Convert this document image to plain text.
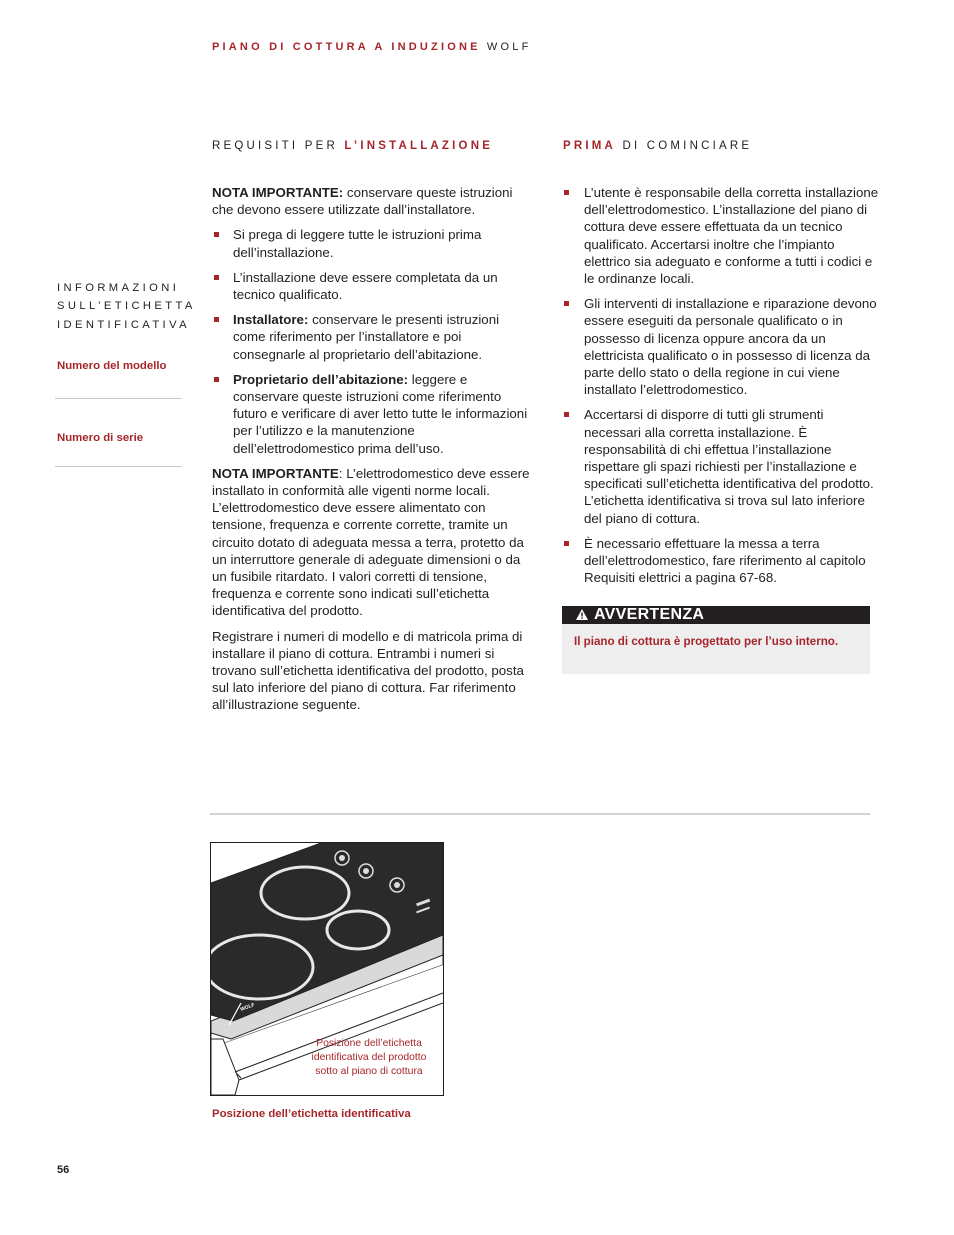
PIANO DI COTTURA A INDUZIONE WOLF
REQUISITI PER L’INSTALLAZIONE	PRIMA DI COMINCIARE

NOTA IMPORTANTE: conservare queste istruzioni che devono essere utilizzate dall’installatore.

Si prega di leggere tutte le istruzioni prima dell’installazione.
L’installazione deve essere completata da un tecnico qualificato.
Installatore: conservare le presenti istruzioni come riferimento per l’installatore e poi consegnarle al proprietario dell’abitazione.
Proprietario dell’abitazione: leggere e conservare queste istruzioni come riferimento futuro e verificare di aver letto tutte le informazioni per l’utilizzo e la manutenzione dell’elettrodomestico prima dell’uso.

NOTA IMPORTANTE: L’elettrodomestico deve essere installato in conformità alle vigenti norme locali. L’elettrodomestico deve essere alimentato con tensione, frequenza e corrente corrette, tramite un circuito dotato di adeguata messa a terra, protetto da un interruttore generale di adeguate dimensioni o da un fusibile ritardato. I valori corretti di tensione, frequenza e corrente sono indicati sull’etichetta identificativa del prodotto.

Registrare i numeri di modello e di matricola prima di installare il piano di cottura. Entrambi i numeri si trovano sull’etichetta identificativa del prodotto, posta sul lato inferiore del piano di cottura. Far riferimento all’illustrazione seguente.

L’utente è responsabile della corretta installazione dell’elettrodomestico. L’installazione del piano di cottura deve essere effettuata da un tecnico qualificato. Accertarsi inoltre che l’impianto elettrico sia adeguato e conforme a tutti i codici e le ordinanze locali.
Gli interventi di installazione e riparazione devono essere eseguiti da personale qualificato o in possesso di licenza oppure ancora da un elettricista qualificato o in possesso di licenza da parte dello stato o della regione in cui viene installato l’elettrodomestico.
Accertarsi di disporre di tutti gli strumenti necessari alla corretta installazione. È responsabilità di chi effettua l’installazione rispettare gli spazi richiesti per l’installazione e specificati sull’etichetta identificativa del prodotto. L’etichetta identificativa si trova sul lato inferiore del piano di cottura.
È necessario effettuare la messa a terra dell’elettrodomestico, fare riferimento al capitolo Requisiti elettrici a pagina 67-68.
AVVERTENZA
Il piano di cottura è progettato per l’uso interno.
INFORMAZIONI
SULL’ETICHETTA
IDENTIFICATIVA
Numero del modello
Numero di serie
WOLF
Posizione dell’etichetta identificativa del prodotto sotto al piano di cottura
Posizione dell’etichetta identificativa
56
